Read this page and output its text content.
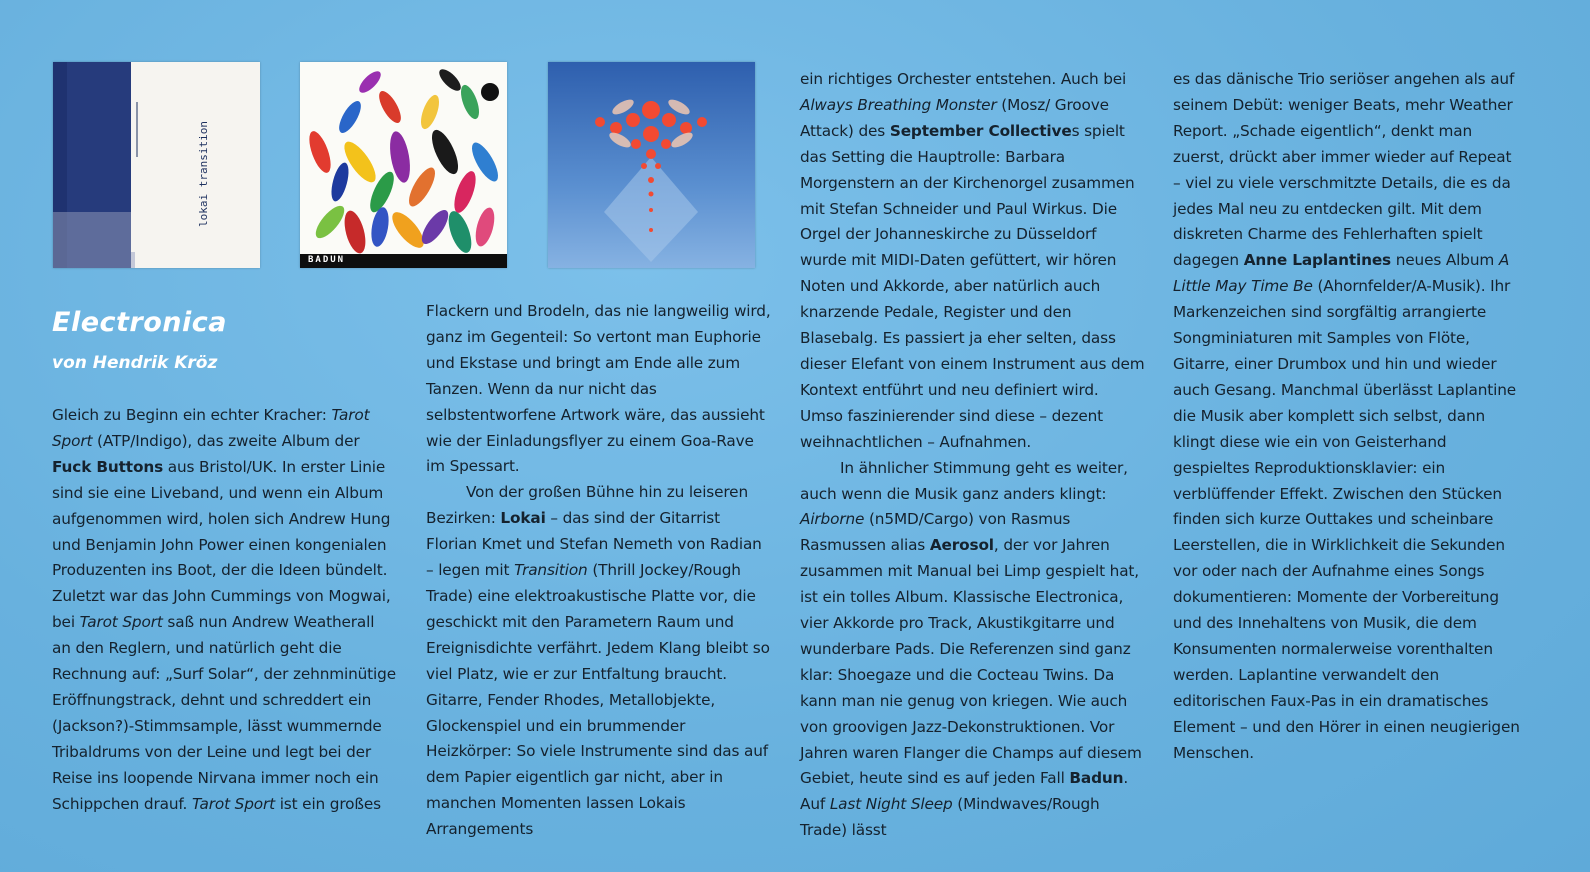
lokai transition
BADUN
Electronica
von Hendrik Kröz

Gleich zu Beginn ein echter Kracher: Tarot Sport (ATP/Indigo), das zweite Album der Fuck Buttons aus Bristol/UK. In erster Linie sind sie eine Liveband, und wenn ein Album aufgenommen wird, holen sich Andrew Hung und Benjamin John Power einen kongenialen Produzenten ins Boot, der die Ideen bündelt. Zuletzt war das John Cummings von Mogwai, bei Tarot Sport saß nun Andrew Weatherall an den Reglern, und natürlich geht die Rechnung auf: „Surf Solar“, der zehnminütige Eröffnungstrack, dehnt und schreddert ein (Jackson?)-Stimmsample, lässt wummernde Tribaldrums von der Leine und legt bei der Reise ins loopende Nirvana immer noch ein Schippchen drauf. Tarot Sport ist ein großes

Flackern und Brodeln, das nie langweilig wird, ganz im Gegenteil: So vertont man Euphorie und Ekstase und bringt am Ende alle zum Tanzen. Wenn da nur nicht das selbstentworfene Artwork wäre, das aussieht wie der Einladungsflyer zu einem Goa-Rave im Spessart.

Von der großen Bühne hin zu leiseren Bezirken: Lokai – das sind der Gitarrist Florian Kmet und Stefan Nemeth von Radian – legen mit Transition (Thrill Jockey/Rough Trade) eine elektroakustische Platte vor, die geschickt mit den Parametern Raum und Ereignisdichte verfährt. Jedem Klang bleibt so viel Platz, wie er zur Entfaltung braucht. Gitarre, Fender Rhodes, Metallobjekte, Glockenspiel und ein brummender Heizkörper: So viele Instrumente sind das auf dem Papier eigentlich gar nicht, aber in manchen Momenten lassen Lokais Arrangements

ein richtiges Orchester entstehen. Auch bei Always Breathing Monster (Mosz/ Groove Attack) des September Collectives spielt das Setting die Hauptrolle: Barbara Morgenstern an der Kirchenorgel zusammen mit Stefan Schneider und Paul Wirkus. Die Orgel der Johanneskirche zu Düsseldorf wurde mit MIDI-Daten gefüttert, wir hören Noten und Akkorde, aber natürlich auch knarzende Pedale, Register und den Blasebalg. Es passiert ja eher selten, dass dieser Elefant von einem Instrument aus dem Kontext entführt und neu definiert wird. Umso faszinierender sind diese – dezent weihnachtlichen – Aufnahmen.

In ähnlicher Stimmung geht es weiter, auch wenn die Musik ganz anders klingt: Airborne (n5MD/Cargo) von Rasmus Rasmussen alias Aerosol, der vor Jahren zusammen mit Manual bei Limp gespielt hat, ist ein tolles Album. Klassische Electronica, vier Akkorde pro Track, Akustikgitarre und wunderbare Pads. Die Referenzen sind ganz klar: Shoegaze und die Cocteau Twins. Da kann man nie genug von kriegen. Wie auch von groovigen Jazz-Dekonstruktionen. Vor Jahren waren Flanger die Champs auf diesem Gebiet, heute sind es auf jeden Fall Badun. Auf Last Night Sleep (Mindwaves/Rough Trade) lässt

es das dänische Trio seriöser angehen als auf seinem Debüt: weniger Beats, mehr Weather Report. „Schade eigentlich“, denkt man zuerst, drückt aber immer wieder auf Repeat – viel zu viele verschmitzte Details, die es da jedes Mal neu zu entdecken gilt. Mit dem diskreten Charme des Fehlerhaften spielt dagegen Anne Laplantines neues Album A Little May Time Be (Ahornfelder/A-Musik). Ihr Markenzeichen sind sorgfältig arrangierte Songminiaturen mit Samples von Flöte, Gitarre, einer Drumbox und hin und wieder auch Gesang. Manchmal überlässt Laplantine die Musik aber komplett sich selbst, dann klingt diese wie ein von Geisterhand gespieltes Reproduktionsklavier: ein verblüffender Effekt. Zwischen den Stücken finden sich kurze Outtakes und scheinbare Leerstellen, die in Wirklichkeit die Sekunden vor oder nach der Aufnahme eines Songs dokumentieren: Momente der Vorbereitung und des Innehaltens von Musik, die dem Konsumenten normalerweise vorenthalten werden. Laplantine verwandelt den editorischen Faux-Pas in ein dramatisches Element – und den Hörer in einen neugierigen Menschen.
